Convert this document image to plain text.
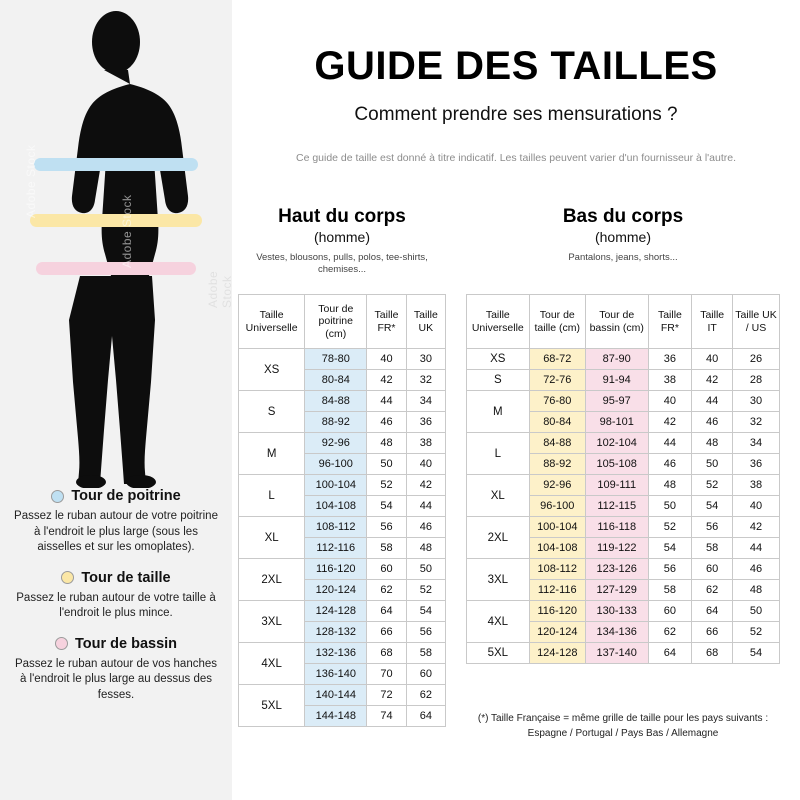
Adobe Stock
Adobe Stock
Adobe Stock
Tour de poitrine
Passez le ruban autour de votre poitrine à l'endroit le plus large (sous les aisselles et sur les omoplates).
Tour de taille
Passez le ruban autour de votre taille à l'endroit le plus mince.
Tour de bassin
Passez le ruban autour de vos hanches à l'endroit le plus large au dessus des fesses.
GUIDE DES TAILLES
Comment prendre ses mensurations ?
Ce guide de taille est donné à titre indicatif. Les tailles peuvent varier d'un fournisseur à l'autre.
Haut du corps
(homme)
Vestes, blousons, pulls, polos, tee-shirts, chemises...
Taille Universelle	Tour de poitrine (cm)	Taille FR*	Taille UK
XS	78-80	40	30
	80-84	42	32
S	84-88	44	34
	88-92	46	36
M	92-96	48	38
	96-100	50	40
L	100-104	52	42
	104-108	54	44
XL	108-112	56	46
	112-116	58	48
2XL	116-120	60	50
	120-124	62	52
3XL	124-128	64	54
	128-132	66	56
4XL	132-136	68	58
	136-140	70	60
5XL	140-144	72	62
	144-148	74	64
Bas du corps
(homme)
Pantalons, jeans, shorts...
Taille Universelle	Tour de taille (cm)	Tour de bassin (cm)	Taille FR*	Taille IT	Taille UK / US
XS	68-72	87-90	36	40	26
S	72-76	91-94	38	42	28
M	76-80	95-97	40	44	30
	80-84	98-101	42	46	32
L	84-88	102-104	44	48	34
	88-92	105-108	46	50	36
XL	92-96	109-111	48	52	38
	96-100	112-115	50	54	40
2XL	100-104	116-118	52	56	42
	104-108	119-122	54	58	44
3XL	108-112	123-126	56	60	46
	112-116	127-129	58	62	48
4XL	116-120	130-133	60	64	50
	120-124	134-136	62	66	52
5XL	124-128	137-140	64	68	54
(*) Taille Française = même grille de taille pour les pays suivants : Espagne / Portugal / Pays Bas / Allemagne
